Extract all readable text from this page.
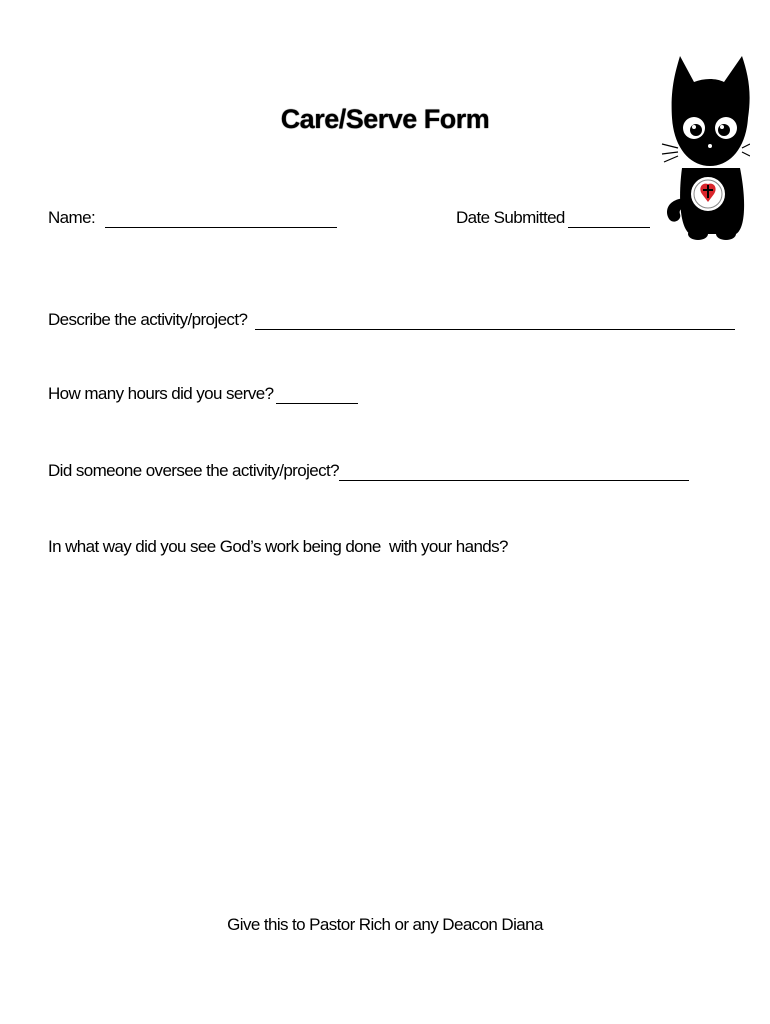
Care/Serve Form
Name:	Date Submitted
Describe the activity/project?
How many hours did you serve?
Did someone oversee the activity/project?
In what way did you see God’s work being done  with your hands?
Give this to Pastor Rich or any Deacon Diana
